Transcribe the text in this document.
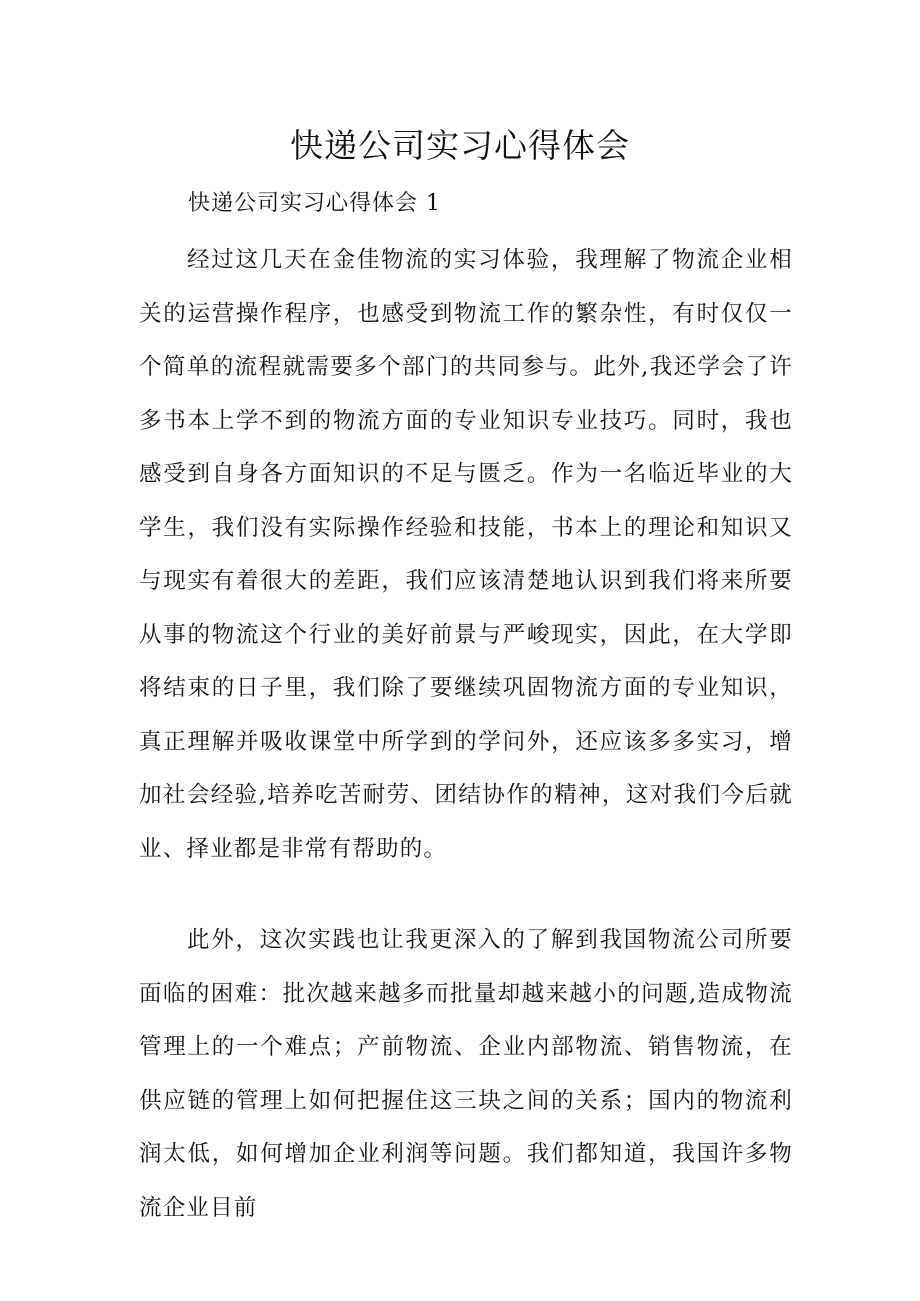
快递公司实习心得体会

快递公司实习心得体会 1

经过这几天在金佳物流的实习体验，我理解了物流企业相关的运营操作程序，也感受到物流工作的繁杂性，有时仅仅一个简单的流程就需要多个部门的共同参与。此外,我还学会了许多书本上学不到的物流方面的专业知识专业技巧。同时，我也感受到自身各方面知识的不足与匮乏。作为一名临近毕业的大学生，我们没有实际操作经验和技能，书本上的理论和知识又与现实有着很大的差距，我们应该清楚地认识到我们将来所要从事的物流这个行业的美好前景与严峻现实，因此，在大学即将结束的日子里，我们除了要继续巩固物流方面的专业知识，真正理解并吸收课堂中所学到的学问外，还应该多多实习，增加社会经验,培养吃苦耐劳、团结协作的精神，这对我们今后就业、择业都是非常有帮助的。

此外，这次实践也让我更深入的了解到我国物流公司所要面临的困难：批次越来越多而批量却越来越小的问题,造成物流管理上的一个难点；产前物流、企业内部物流、销售物流，在供应链的管理上如何把握住这三块之间的关系；国内的物流利润太低，如何增加企业利润等问题。我们都知道，我国许多物流企业目前
